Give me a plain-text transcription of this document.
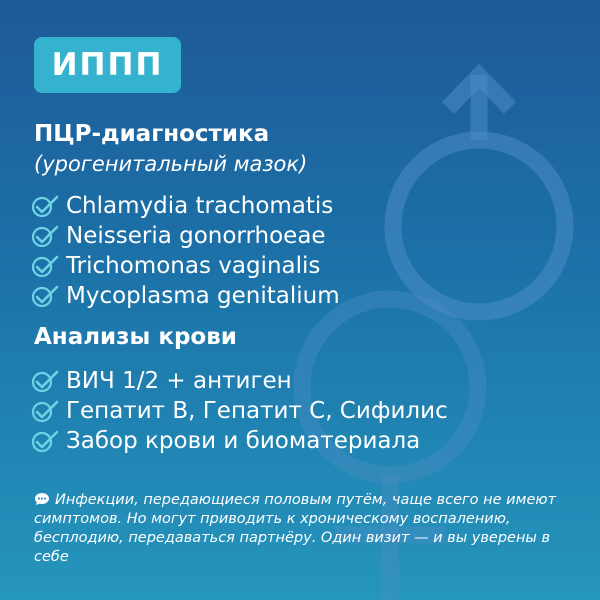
ИППП
ПЦР-диагностика
(урогенитальный мазок)
Chlamydia trachomatis
Neisseria gonorrhoeae
Trichomonas vaginalis
Mycoplasma genitalium
Анализы крови
ВИЧ 1/2 + антиген
Гепатит В, Гепатит С, Сифилис
Забор крови и биоматериала
Инфекции, передающиеся половым путём, чаще всего не имеют симптомов. Но могут приводить к хроническому воспалению, бесплодию, передаваться партнёру. Один визит — и вы уверены в себе
